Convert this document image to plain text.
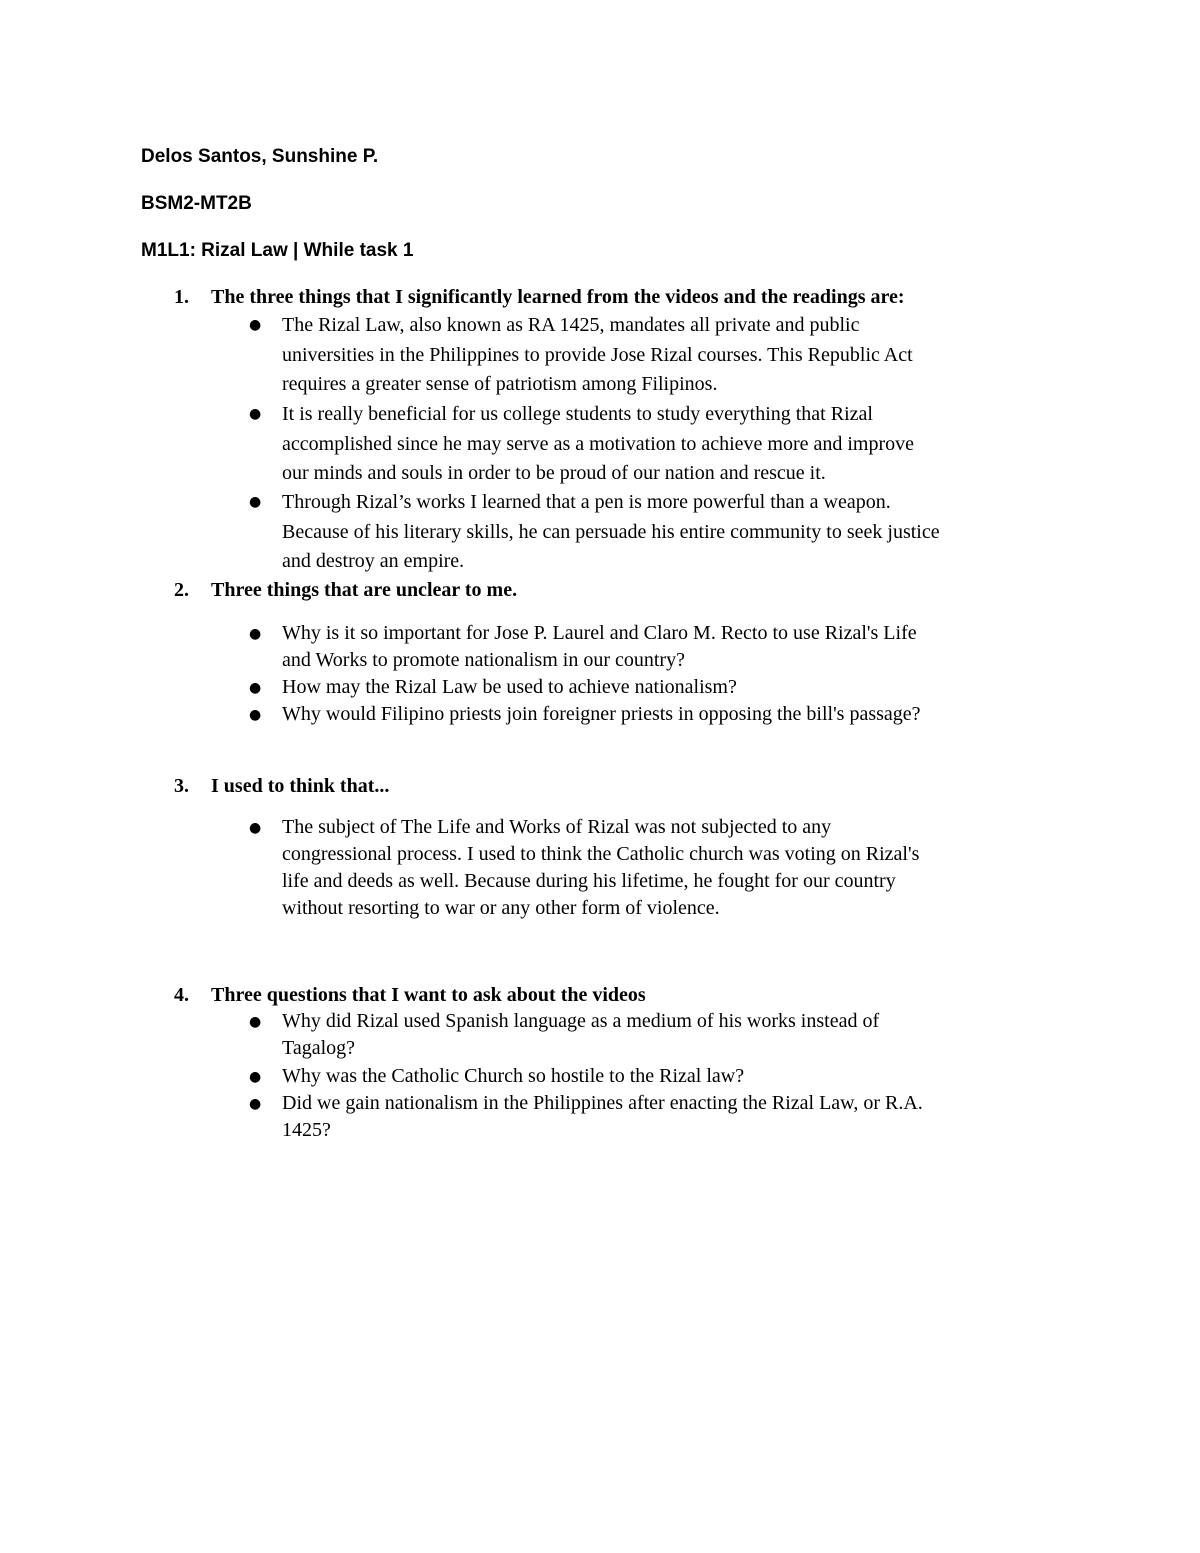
Delos Santos, Sunshine P.
BSM2-MT2B
M1L1: Rizal Law | While task 1
1. The three things that I significantly learned from the videos and the readings are:
● The Rizal Law, also known as RA 1425, mandates all private and public
universities in the Philippines to provide Jose Rizal courses. This Republic Act
requires a greater sense of patriotism among Filipinos.
● It is really beneficial for us college students to study everything that Rizal
accomplished since he may serve as a motivation to achieve more and improve
our minds and souls in order to be proud of our nation and rescue it.
● Through Rizal’s works I learned that a pen is more powerful than a weapon.
Because of his literary skills, he can persuade his entire community to seek justice
and destroy an empire.
2. Three things that are unclear to me.
● Why is it so important for Jose P. Laurel and Claro M. Recto to use Rizal's Life
and Works to promote nationalism in our country?
● How may the Rizal Law be used to achieve nationalism?
● Why would Filipino priests join foreigner priests in opposing the bill's passage?
3. I used to think that...
● The subject of The Life and Works of Rizal was not subjected to any
congressional process. I used to think the Catholic church was voting on Rizal's
life and deeds as well. Because during his lifetime, he fought for our country
without resorting to war or any other form of violence.
4. Three questions that I want to ask about the videos
● Why did Rizal used Spanish language as a medium of his works instead of
Tagalog?
● Why was the Catholic Church so hostile to the Rizal law?
● Did we gain nationalism in the Philippines after enacting the Rizal Law, or R.A.
1425?
